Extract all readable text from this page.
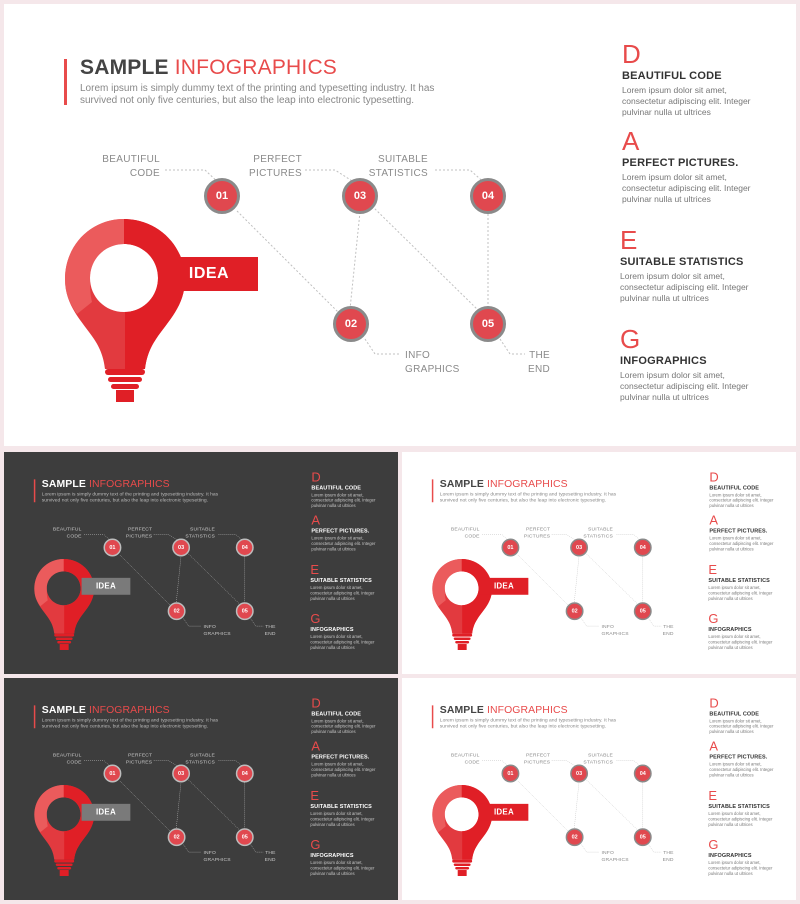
SAMPLE INFOGRAPHICS
Lorem ipsum is simply dummy text of the printing and typesetting industry. It has survived not only five centuries, but also the leap into electronic typesetting.
IDEA
BEAUTIFUL
CODE
PERFECT
PICTURES
SUITABLE
STATISTICS
INFO
GRAPHICS
THE
END
01
02
03	04
05
D
BEAUTIFUL CODE
Lorem ipsum dolor sit amet, consectetur adipiscing elit. Integer pulvinar nulla ut ultrices
A
PERFECT PICTURES.
Lorem ipsum dolor sit amet, consectetur adipiscing elit. Integer pulvinar nulla ut ultrices
E
SUITABLE STATISTICS
Lorem ipsum dolor sit amet, consectetur adipiscing elit. Integer pulvinar nulla ut ultrices
G
INFOGRAPHICS
Lorem ipsum dolor sit amet, consectetur adipiscing elit. Integer pulvinar nulla ut ultrices
SAMPLE INFOGRAPHICS
Lorem ipsum is simply dummy text of the printing and typesetting industry. It has survived not only five centuries, but also the leap into electronic typesetting.
IDEA
BEAUTIFUL
CODE
PERFECT
PICTURES
SUITABLE
STATISTICS
INFO
GRAPHICS
THE
END
01
02
03	04
05
D
BEAUTIFUL CODE
Lorem ipsum dolor sit amet, consectetur adipiscing elit. Integer pulvinar nulla ut ultrices
A
PERFECT PICTURES.
Lorem ipsum dolor sit amet, consectetur adipiscing elit. Integer pulvinar nulla ut ultrices
E
SUITABLE STATISTICS
Lorem ipsum dolor sit amet, consectetur adipiscing elit. Integer pulvinar nulla ut ultrices
G
INFOGRAPHICS
Lorem ipsum dolor sit amet, consectetur adipiscing elit. Integer pulvinar nulla ut ultrices
SAMPLE INFOGRAPHICS
Lorem ipsum is simply dummy text of the printing and typesetting industry. It has survived not only five centuries, but also the leap into electronic typesetting.
IDEA
BEAUTIFUL
CODE
PERFECT
PICTURES
SUITABLE
STATISTICS
INFO
GRAPHICS
THE
END
01
02
03	04
05
D
BEAUTIFUL CODE
Lorem ipsum dolor sit amet, consectetur adipiscing elit. Integer pulvinar nulla ut ultrices
A
PERFECT PICTURES.
Lorem ipsum dolor sit amet, consectetur adipiscing elit. Integer pulvinar nulla ut ultrices
E
SUITABLE STATISTICS
Lorem ipsum dolor sit amet, consectetur adipiscing elit. Integer pulvinar nulla ut ultrices
G
INFOGRAPHICS
Lorem ipsum dolor sit amet, consectetur adipiscing elit. Integer pulvinar nulla ut ultrices
SAMPLE INFOGRAPHICS
Lorem ipsum is simply dummy text of the printing and typesetting industry. It has survived not only five centuries, but also the leap into electronic typesetting.
IDEA
BEAUTIFUL
CODE
PERFECT
PICTURES
SUITABLE
STATISTICS
INFO
GRAPHICS
THE
END
01
02
03	04
05
D
BEAUTIFUL CODE
Lorem ipsum dolor sit amet, consectetur adipiscing elit. Integer pulvinar nulla ut ultrices
A
PERFECT PICTURES.
Lorem ipsum dolor sit amet, consectetur adipiscing elit. Integer pulvinar nulla ut ultrices
E
SUITABLE STATISTICS
Lorem ipsum dolor sit amet, consectetur adipiscing elit. Integer pulvinar nulla ut ultrices
G
INFOGRAPHICS
Lorem ipsum dolor sit amet, consectetur adipiscing elit. Integer pulvinar nulla ut ultrices
SAMPLE INFOGRAPHICS
Lorem ipsum is simply dummy text of the printing and typesetting industry. It has survived not only five centuries, but also the leap into electronic typesetting.
IDEA
BEAUTIFUL
CODE
PERFECT
PICTURES
SUITABLE
STATISTICS
INFO
GRAPHICS
THE
END
01
02
03	04
05
D
BEAUTIFUL CODE
Lorem ipsum dolor sit amet, consectetur adipiscing elit. Integer pulvinar nulla ut ultrices
A
PERFECT PICTURES.
Lorem ipsum dolor sit amet, consectetur adipiscing elit. Integer pulvinar nulla ut ultrices
E
SUITABLE STATISTICS
Lorem ipsum dolor sit amet, consectetur adipiscing elit. Integer pulvinar nulla ut ultrices
G
INFOGRAPHICS
Lorem ipsum dolor sit amet, consectetur adipiscing elit. Integer pulvinar nulla ut ultrices
